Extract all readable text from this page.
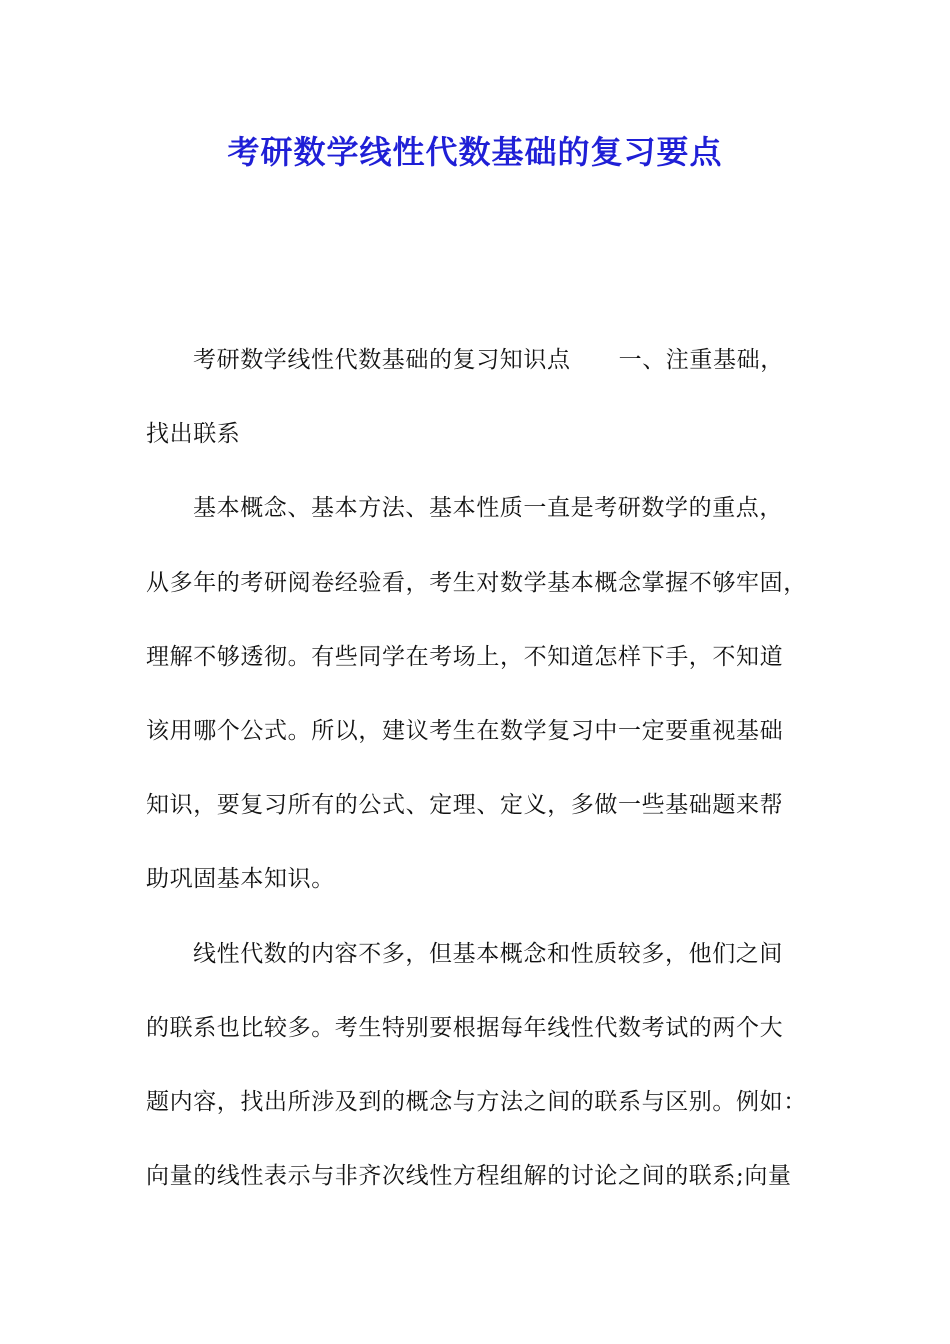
考研数学线性代数基础的复习要点
考研数学线性代数基础的复习知识点 一、注重基础，
找出联系
基本概念、基本方法、基本性质一直是考研数学的重点，
从多年的考研阅卷经验看，考生对数学基本概念掌握不够牢固，
理解不够透彻。有些同学在考场上，不知道怎样下手，不知道
该用哪个公式。所以，建议考生在数学复习中一定要重视基础
知识，要复习所有的公式、定理、定义，多做一些基础题来帮
助巩固基本知识。
线性代数的内容不多，但基本概念和性质较多，他们之间
的联系也比较多。考生特别要根据每年线性代数考试的两个大
题内容，找出所涉及到的概念与方法之间的联系与区别。例如：
向量的线性表示与非齐次线性方程组解的讨论之间的联系;向量
